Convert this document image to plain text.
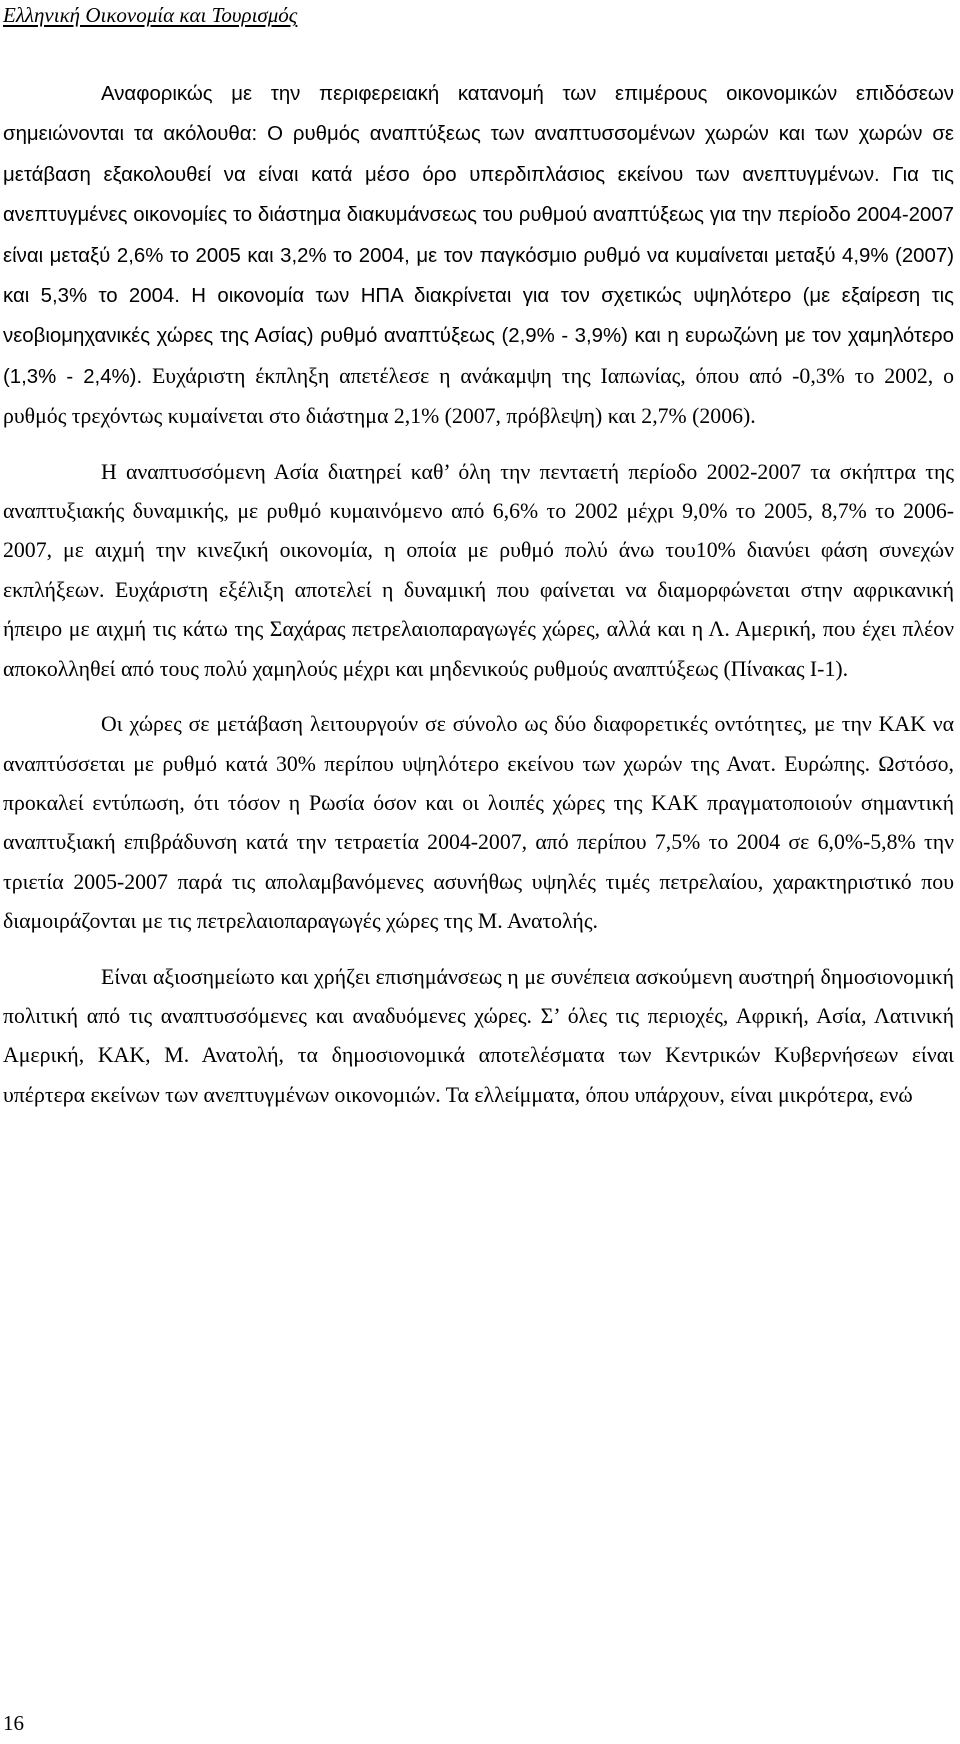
Ελληνική Οικονομία και Τουρισμός

Αναφορικώς με την περιφερειακή κατανομή των επιμέρους οικονομικών επιδόσεων σημειώνονται τα ακόλουθα: Ο ρυθμός αναπτύξεως των αναπτυσσομένων χωρών και των χωρών σε μετάβαση εξακολουθεί να είναι κατά μέσο όρο υπερδιπλάσιος εκείνου των ανεπτυγμένων. Για τις ανεπτυγμένες οικονομίες το διάστημα διακυμάνσεως του ρυθμού αναπτύξεως για την περίοδο 2004-2007 είναι μεταξύ 2,6% το 2005 και 3,2% το 2004, με τον παγκόσμιο ρυθμό να κυμαίνεται μεταξύ 4,9% (2007) και 5,3% το 2004. Η οικονομία των ΗΠΑ διακρίνεται για τον σχετικώς υψηλότερο (με εξαίρεση τις νεοβιομηχανικές χώρες της Ασίας) ρυθμό αναπτύξεως (2,9% - 3,9%) και η ευρωζώνη με τον χαμηλότερο (1,3% - 2,4%). Ευχάριστη έκπληξη απετέλεσε η ανάκαμψη της Ιαπωνίας, όπου από -0,3% το 2002, ο ρυθμός τρεχόντως κυμαίνεται στο διάστημα 2,1% (2007, πρόβλεψη) και 2,7% (2006).

Η αναπτυσσόμενη Ασία διατηρεί καθ’ όλη την πενταετή περίοδο 2002-2007 τα σκήπτρα της αναπτυξιακής δυναμικής, με ρυθμό κυμαινόμενο από 6,6% το 2002 μέχρι 9,0% το 2005, 8,7% το 2006-2007, με αιχμή την κινεζική οικονομία, η οποία με ρυθμό πολύ άνω του10% διανύει φάση συνεχών εκπλήξεων. Ευχάριστη εξέλιξη αποτελεί η δυναμική που φαίνεται να διαμορφώνεται στην αφρικανική ήπειρο με αιχμή τις κάτω της Σαχάρας πετρελαιοπαραγωγές χώρες, αλλά και η Λ. Αμερική, που έχει πλέον αποκολληθεί από τους πολύ χαμηλούς μέχρι και μηδενικούς ρυθμούς αναπτύξεως (Πίνακας Ι-1).

Οι χώρες σε μετάβαση λειτουργούν σε σύνολο ως δύο διαφορετικές οντότητες, με την ΚΑΚ να αναπτύσσεται με ρυθμό κατά 30% περίπου υψηλότερο εκείνου των χωρών της Ανατ. Ευρώπης. Ωστόσο, προκαλεί εντύπωση, ότι τόσον η Ρωσία όσον και οι λοιπές χώρες της ΚΑΚ πραγματοποιούν σημαντική αναπτυξιακή επιβράδυνση κατά την τετραετία 2004-2007, από περίπου 7,5% το 2004 σε 6,0%-5,8% την τριετία 2005-2007 παρά τις απολαμβανόμενες ασυνήθως υψηλές τιμές πετρελαίου, χαρακτηριστικό που διαμοιράζονται με τις πετρελαιοπαραγωγές χώρες της Μ. Ανατολής.

Είναι αξιοσημείωτο και χρήζει επισημάνσεως η με συνέπεια ασκούμενη αυστηρή δημοσιονομική πολιτική από τις αναπτυσσόμενες και αναδυόμενες χώρες. Σ’ όλες τις περιοχές, Αφρική, Ασία, Λατινική Αμερική, ΚΑΚ, Μ. Ανατολή, τα δημοσιονομικά αποτελέσματα των Κεντρικών Κυβερνήσεων είναι υπέρτερα εκείνων των ανεπτυγμένων οικονομιών. Τα ελλείμματα, όπου υπάρχουν, είναι μικρότερα, ενώ

16
